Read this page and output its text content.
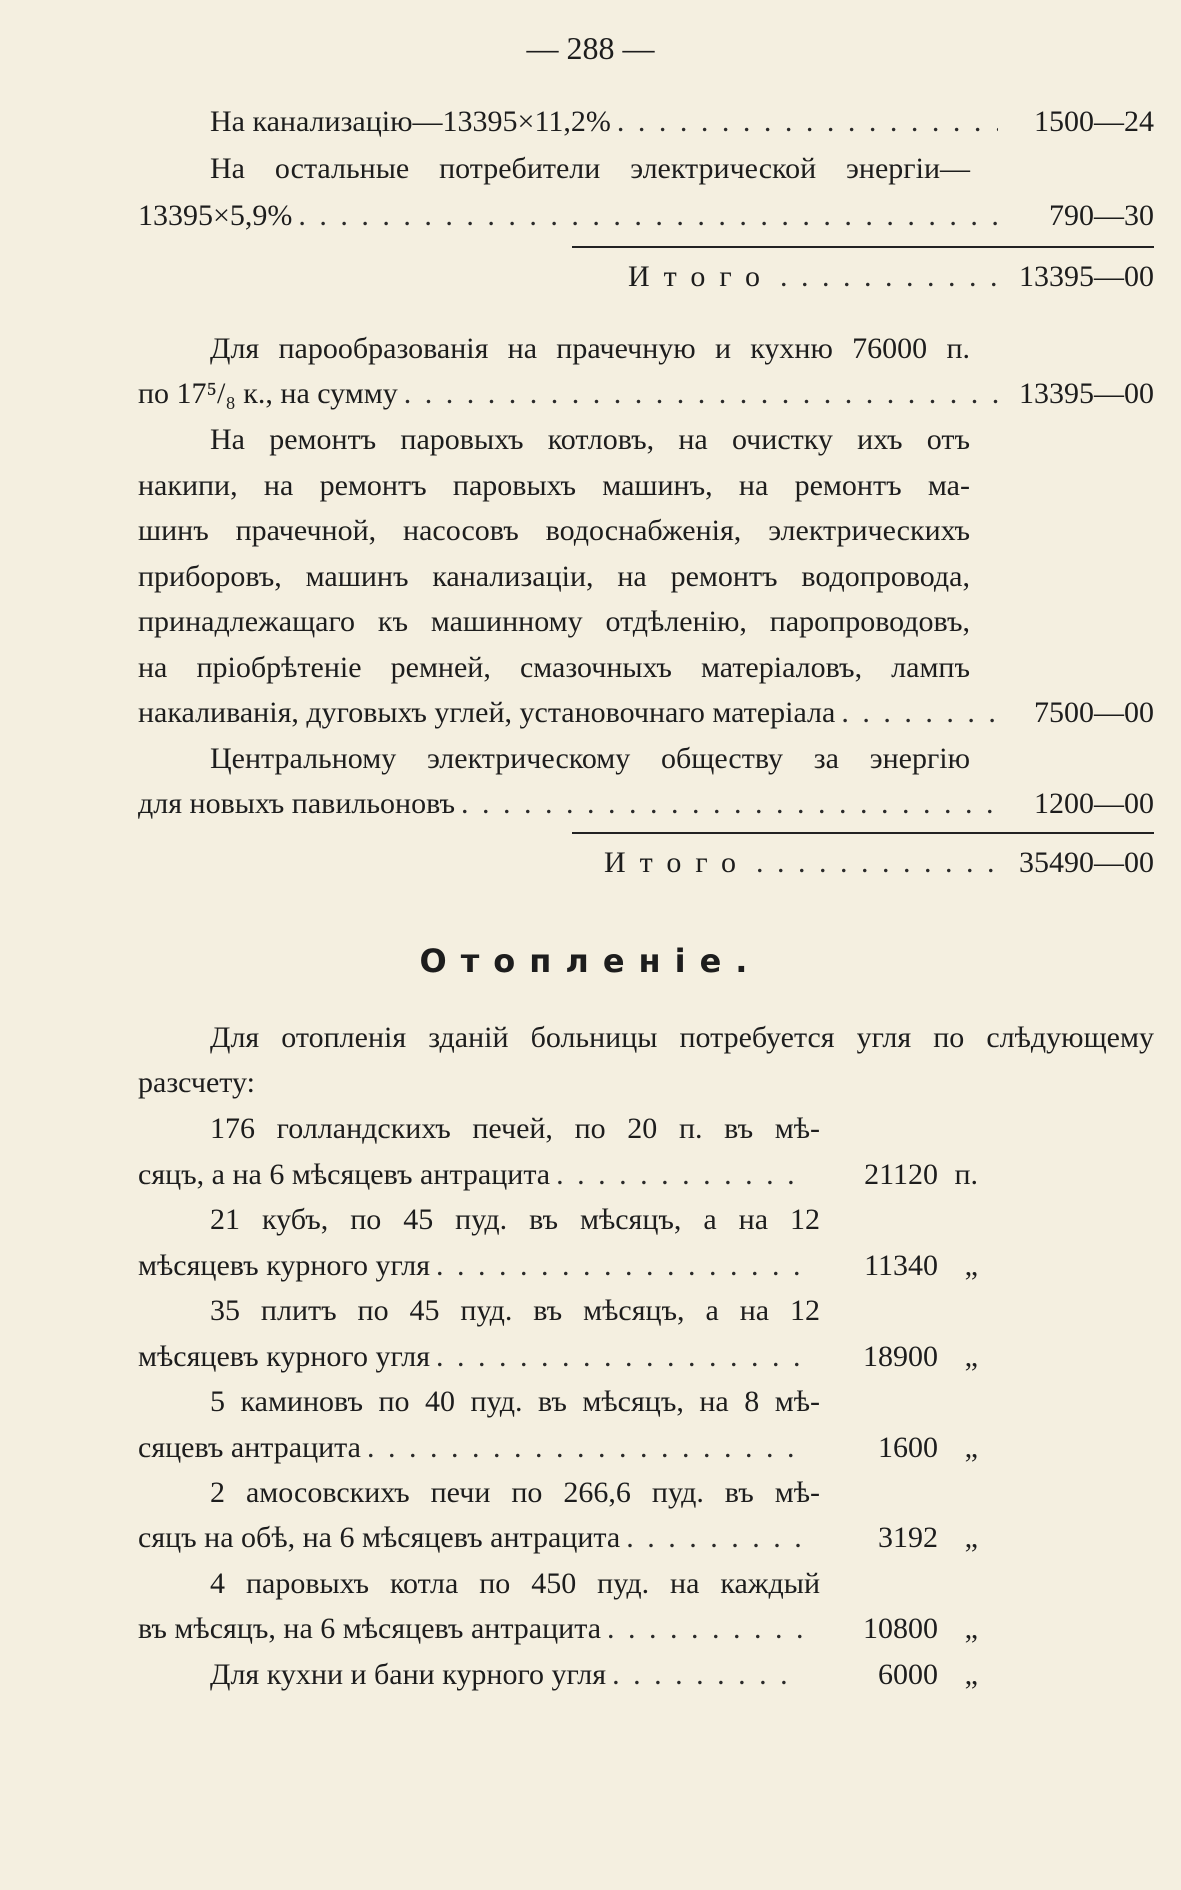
— 288 —
На канализацію—13395×11,2% . . .	1500—24
На остальные потребители электрической энергіи—
13395×5,9% . . .	790—30
Итого . . .	13395—00
Для парообразованія на прачечную и кухню 76000 п.
по 17⁵/₈ к., на сумму . . .	13395—00
На ремонтъ паровыхъ котловъ, на очистку ихъ отъ
накипи, на ремонтъ паровыхъ машинъ, на ремонтъ ма-
шинъ прачечной, насосовъ водоснабженія, электрическихъ
приборовъ, машинъ канализаціи, на ремонтъ водопровода,
принадлежащаго къ машинному отдѣленію, паропроводовъ,
на пріобрѣтеніе ремней, смазочныхъ матеріаловъ, лампъ
накаливанія, дуговыхъ углей, установочнаго матеріала . . .	7500—00
Центральному электрическому обществу за энергію
для новыхъ павильоновъ . . .	1200—00
Итого . . .	35490—00
Отопленіе.
Для отопленія зданій больницы потребуется угля по слѣдующему
разсчету:
176 голландскихъ печей, по 20 п. въ мѣ-
сяцъ, а на 6 мѣсяцевъ антрацита . . .	21120 п.
21 кубъ, по 45 пуд. въ мѣсяцъ, а на 12
мѣсяцевъ курного угля . . .	11340 „
35 плитъ по 45 пуд. въ мѣсяцъ, а на 12
мѣсяцевъ курного угля . . .	18900 „
5 каминовъ по 40 пуд. въ мѣсяцъ, на 8 мѣ-
сяцевъ антрацита . . .	1600 „
2 амосовскихъ печи по 266,6 пуд. въ мѣ-
сяцъ на обѣ, на 6 мѣсяцевъ антрацита . . .	3192 „
4 паровыхъ котла по 450 пуд. на каждый
въ мѣсяцъ, на 6 мѣсяцевъ антрацита . . .	10800 „
Для кухни и бани курного угля . . .	6000 „
